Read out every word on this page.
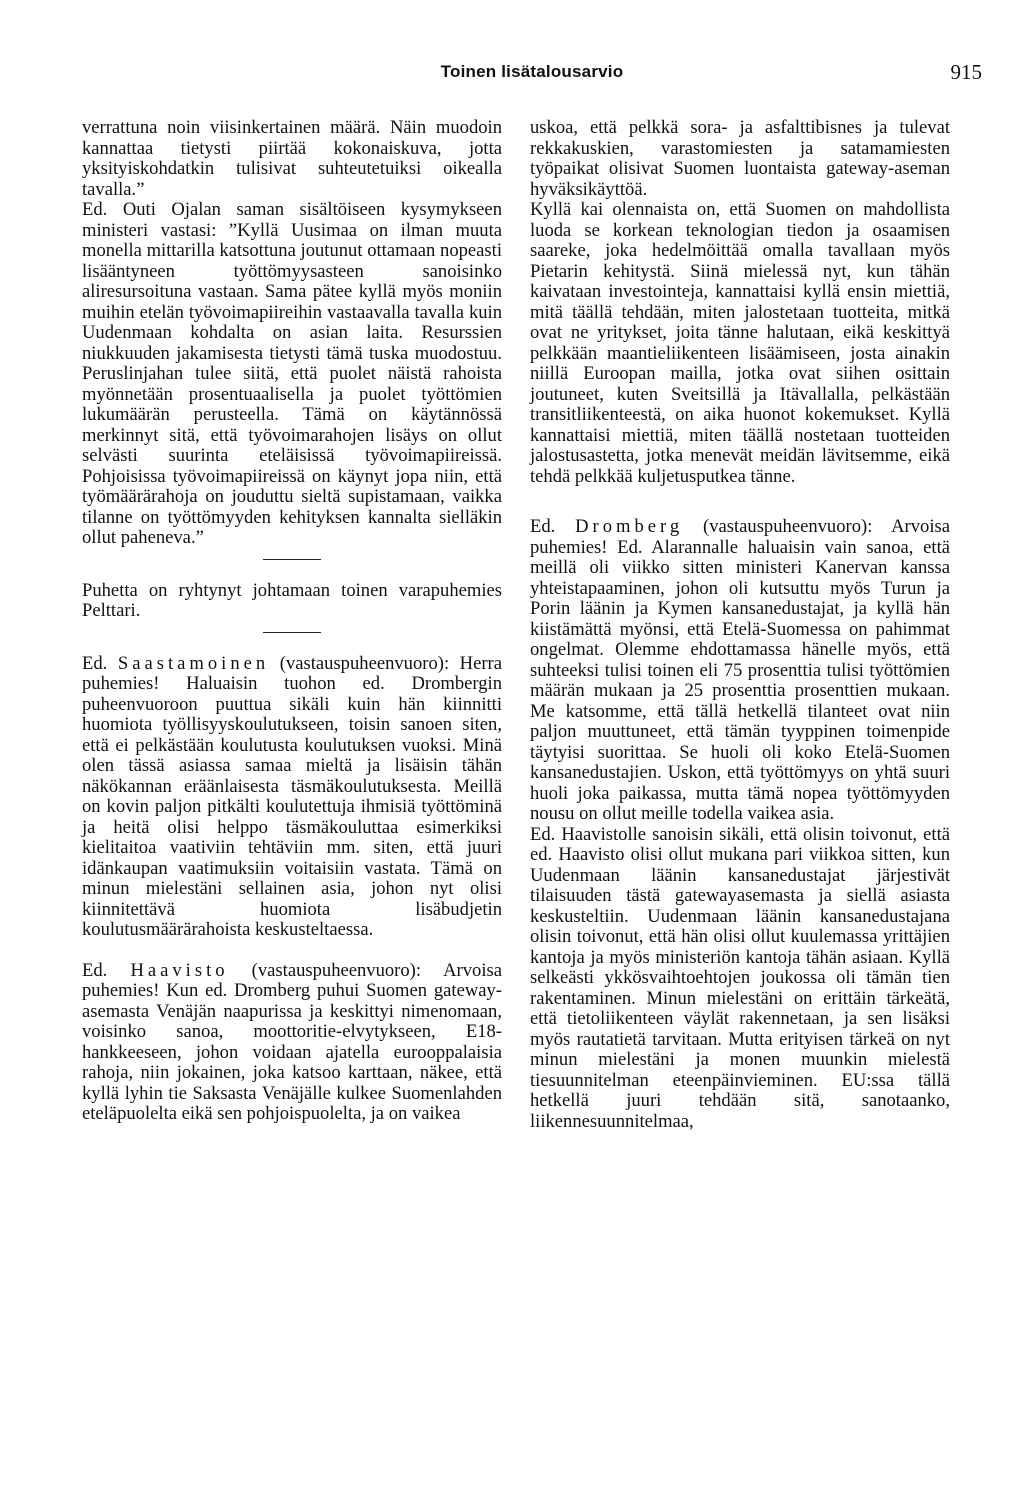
Toinen lisätalousarvio	915

verrattuna noin viisinkertainen määrä. Näin muodoin kannattaa tietysti piirtää kokonaiskuva, jotta yksityiskohdatkin tulisivat suhteutetuiksi oikealla tavalla.”

Ed. Outi Ojalan saman sisältöiseen kysymykseen ministeri vastasi: ”Kyllä Uusimaa on ilman muuta monella mittarilla katsottuna joutunut ottamaan nopeasti lisääntyneen työttömyysasteen sanoisinko aliresursoituna vastaan. Sama pätee kyllä myös moniin muihin etelän työvoimapiireihin vastaavalla tavalla kuin Uudenmaan kohdalta on asian laita. Resurssien niukkuuden jakamisesta tietysti tämä tuska muodostuu. Peruslinjahan tulee siitä, että puolet näistä rahoista myönnetään prosentuaalisella ja puolet työttömien lukumäärän perusteella. Tämä on käytännössä merkinnyt sitä, että työvoimarahojen lisäys on ollut selvästi suurinta eteläisissä työvoimapiireissä. Pohjoisissa työvoimapiireissä on käynyt jopa niin, että työmäärärahoja on jouduttu sieltä supistamaan, vaikka tilanne on työttömyyden kehityksen kannalta sielläkin ollut paheneva.”

Puhetta on ryhtynyt johtamaan toinen varapuhemies Pelttari.

Ed. Saastamoinen (vastauspuheenvuoro): Herra puhemies! Haluaisin tuohon ed. Drombergin puheenvuoroon puuttua sikäli kuin hän kiinnitti huomiota työllisyyskoulutukseen, toisin sanoen siten, että ei pelkästään koulutusta koulutuksen vuoksi. Minä olen tässä asiassa samaa mieltä ja lisäisin tähän näkökannan eräänlaisesta täsmäkoulutuksesta. Meillä on kovin paljon pitkälti koulutettuja ihmisiä työttöminä ja heitä olisi helppo täsmäkouluttaa esimerkiksi kielitaitoa vaativiin tehtäviin mm. siten, että juuri idänkaupan vaatimuksiin voitaisiin vastata. Tämä on minun mielestäni sellainen asia, johon nyt olisi kiinnitettävä huomiota lisäbudjetin koulutusmäärärahoista keskusteltaessa.

Ed. Haavisto (vastauspuheenvuoro): Arvoisa puhemies! Kun ed. Dromberg puhui Suomen gateway-asemasta Venäjän naapurissa ja keskittyi nimenomaan, voisinko sanoa, moottoritie-elvytykseen, E18-hankkeeseen, johon voidaan ajatella eurooppalaisia rahoja, niin jokainen, joka katsoo karttaan, näkee, että kyllä lyhin tie Saksasta Venäjälle kulkee Suomenlahden eteläpuolelta eikä sen pohjoispuolelta, ja on vaikea

uskoa, että pelkkä sora- ja asfalttibisnes ja tulevat rekkakuskien, varastomiesten ja satamamiesten työpaikat olisivat Suomen luontaista gateway-aseman hyväksikäyttöä.

Kyllä kai olennaista on, että Suomen on mahdollista luoda se korkean teknologian tiedon ja osaamisen saareke, joka hedelmöittää omalla tavallaan myös Pietarin kehitystä. Siinä mielessä nyt, kun tähän kaivataan investointeja, kannattaisi kyllä ensin miettiä, mitä täällä tehdään, miten jalostetaan tuotteita, mitkä ovat ne yritykset, joita tänne halutaan, eikä keskittyä pelkkään maantieliikenteen lisäämiseen, josta ainakin niillä Euroopan mailla, jotka ovat siihen osittain joutuneet, kuten Sveitsillä ja Itävallalla, pelkästään transitliikenteestä, on aika huonot kokemukset. Kyllä kannattaisi miettiä, miten täällä nostetaan tuotteiden jalostusastetta, jotka menevät meidän lävitsemme, eikä tehdä pelkkää kuljetusputkea tänne.

Ed. Dromberg (vastauspuheenvuoro): Arvoisa puhemies! Ed. Alarannalle haluaisin vain sanoa, että meillä oli viikko sitten ministeri Kanervan kanssa yhteistapaaminen, johon oli kutsuttu myös Turun ja Porin läänin ja Kymen kansanedustajat, ja kyllä hän kiistämättä myönsi, että Etelä-Suomessa on pahimmat ongelmat. Olemme ehdottamassa hänelle myös, että suhteeksi tulisi toinen eli 75 prosenttia tulisi työttömien määrän mukaan ja 25 prosenttia prosenttien mukaan. Me katsomme, että tällä hetkellä tilanteet ovat niin paljon muuttuneet, että tämän tyyppinen toimenpide täytyisi suorittaa. Se huoli oli koko Etelä-Suomen kansanedustajien. Uskon, että työttömyys on yhtä suuri huoli joka paikassa, mutta tämä nopea työttömyyden nousu on ollut meille todella vaikea asia.

Ed. Haavistolle sanoisin sikäli, että olisin toivonut, että ed. Haavisto olisi ollut mukana pari viikkoa sitten, kun Uudenmaan läänin kansanedustajat järjestivät tilaisuuden tästä gatewayasemasta ja siellä asiasta keskusteltiin. Uudenmaan läänin kansanedustajana olisin toivonut, että hän olisi ollut kuulemassa yrittäjien kantoja ja myös ministeriön kantoja tähän asiaan. Kyllä selkeästi ykkösvaihtoehtojen joukossa oli tämän tien rakentaminen. Minun mielestäni on erittäin tärkeätä, että tietoliikenteen väylät rakennetaan, ja sen lisäksi myös rautatietä tarvitaan. Mutta erityisen tärkeä on nyt minun mielestäni ja monen muunkin mielestä tiesuunnitelman eteenpäinvieminen. EU:ssa tällä hetkellä juuri tehdään sitä, sanotaanko, liikennesuunnitelmaa,
